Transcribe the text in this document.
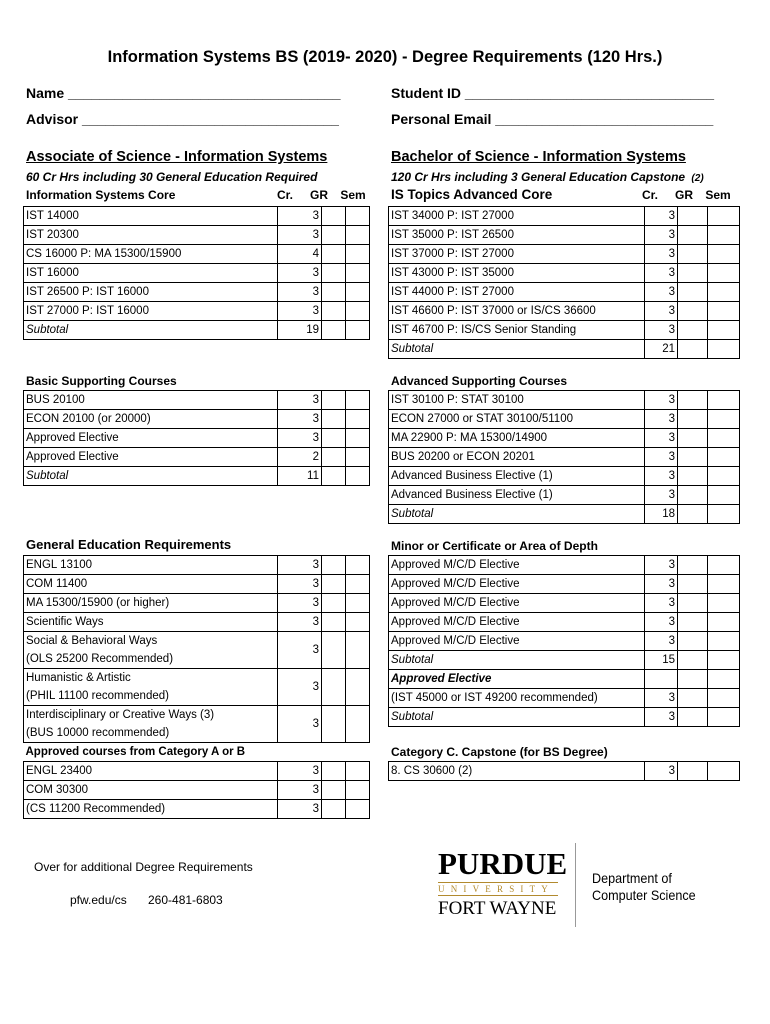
Information Systems BS (2019- 2020) - Degree Requirements (120 Hrs.)
Name ___________________________________	Student ID ________________________________
Advisor _________________________________	Personal Email ____________________________
Associate of Science - Information Systems
60 Cr Hrs including 30 General Education Required
Information Systems Core	Cr.	GR	Sem
IST 14000	3		
IST 20300	3		
CS 16000 P: MA 15300/15900	4		
IST 16000	3		
IST 26500 P: IST 16000	3		
IST 27000 P: IST 16000	3		
Subtotal	19		
Basic Supporting Courses
BUS 20100	3		
ECON 20100 (or 20000)	3		
Approved Elective	3		
Approved Elective	2		
Subtotal	11		
General Education Requirements
ENGL 13100	3		
COM 11400	3		
MA 15300/15900 (or higher)	3		
Scientific Ways	3		

Social & Behavioral Ways
(OLS 25200 Recommended)	3		

Humanistic & Artistic
(PHIL 11100 recommended)	3		

Interdisciplinary or Creative Ways (3)
(BUS 10000 recommended)	3		
Approved courses from Category A or B			
ENGL 23400	3		
COM 30300	3		
(CS 11200 Recommended)	3		
Bachelor of Science - Information Systems
120 Cr Hrs including 3 General Education Capstone (2)
IS Topics Advanced Core	Cr.	GR	Sem
IST 34000 P: IST 27000	3		
IST 35000 P: IST 26500	3		
IST 37000 P: IST 27000	3		
IST 43000 P: IST 35000	3		
IST 44000 P: IST 27000	3		
IST 46600 P: IST 37000 or IS/CS 36600	3		
IST 46700 P: IS/CS Senior Standing	3		
Subtotal	21		
Advanced Supporting Courses
IST 30100 P: STAT 30100	3		
ECON 27000 or STAT 30100/51100	3		
MA 22900 P: MA 15300/14900	3		
BUS 20200 or ECON 20201	3		
Advanced Business Elective (1)	3		
Advanced Business Elective (1)	3		
Subtotal	18		
Minor or Certificate or Area of Depth
Approved M/C/D Elective	3		
Approved M/C/D Elective	3		
Approved M/C/D Elective	3		
Approved M/C/D Elective	3		
Approved M/C/D Elective	3		
Subtotal	15		
Approved Elective			
(IST 45000 or IST 49200 recommended)	3		
Subtotal	3		
Category C. Capstone (for BS Degree)
8. CS 30600 (2)	3		
Over for additional Degree Requirements
pfw.edu/cs 260-481-6803
PURDUE
UNIVERSITY
FORT WAYNE
Department of
Computer Science
